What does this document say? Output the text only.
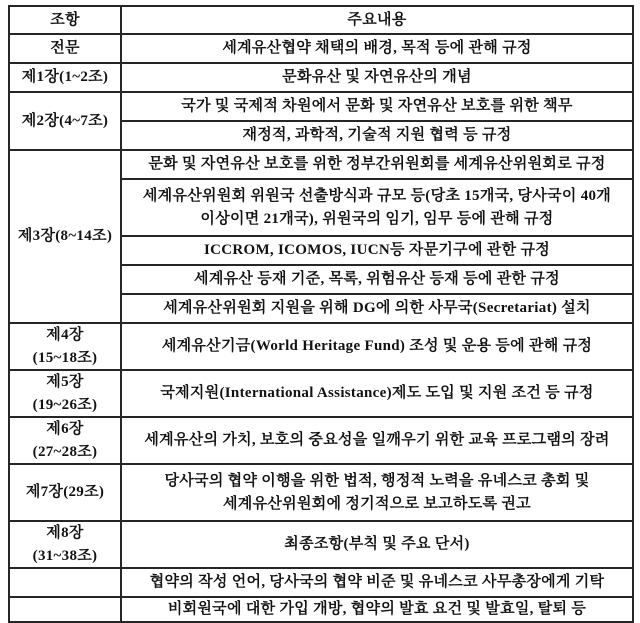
조항	주요내용
전문	세계유산협약 채택의 배경, 목적 등에 관해 규정
제1장(1~2조)	문화유산 및 자연유산의 개념
제2장(4~7조)	국가 및 국제적 차원에서 문화 및 자연유산 보호를 위한 책무
	재정적, 과학적, 기술적 지원 협력 등 규정
제3장(8~14조)	문화 및 자연유산 보호를 위한 정부간위원회를 세계유산위원회로 규정
	세계유산위원회 위원국 선출방식과 규모 등(당초 15개국, 당사국이 40개 이상이면 21개국), 위원국의 임기, 임무 등에 관해 규정
	ICCROM, ICOMOS, IUCN등 자문기구에 관한 규정
	세계유산 등재 기준, 목록, 위험유산 등재 등에 관한 규정
	세계유산위원회 지원을 위해 DG에 의한 사무국(Secretariat) 설치
제4장(15~18조)	세계유산기금(World Heritage Fund) 조성 및 운용 등에 관해 규정
제5장(19~26조)	국제지원(International Assistance)제도 도입 및 지원 조건 등 규정
제6장(27~28조)	세계유산의 가치, 보호의 중요성을 일깨우기 위한 교육 프로그램의 장려
제7장(29조)	당사국의 협약 이행을 위한 법적, 행정적 노력을 유네스코 총회 및 세계유산위원회에 정기적으로 보고하도록 권고
제8장(31~38조)	최종조항(부칙 및 주요 단서)
	협약의 작성 언어, 당사국의 협약 비준 및 유네스코 사무총장에게 기탁
	비회원국에 대한 가입 개방, 협약의 발효 요건 및 발효일, 탈퇴 등
